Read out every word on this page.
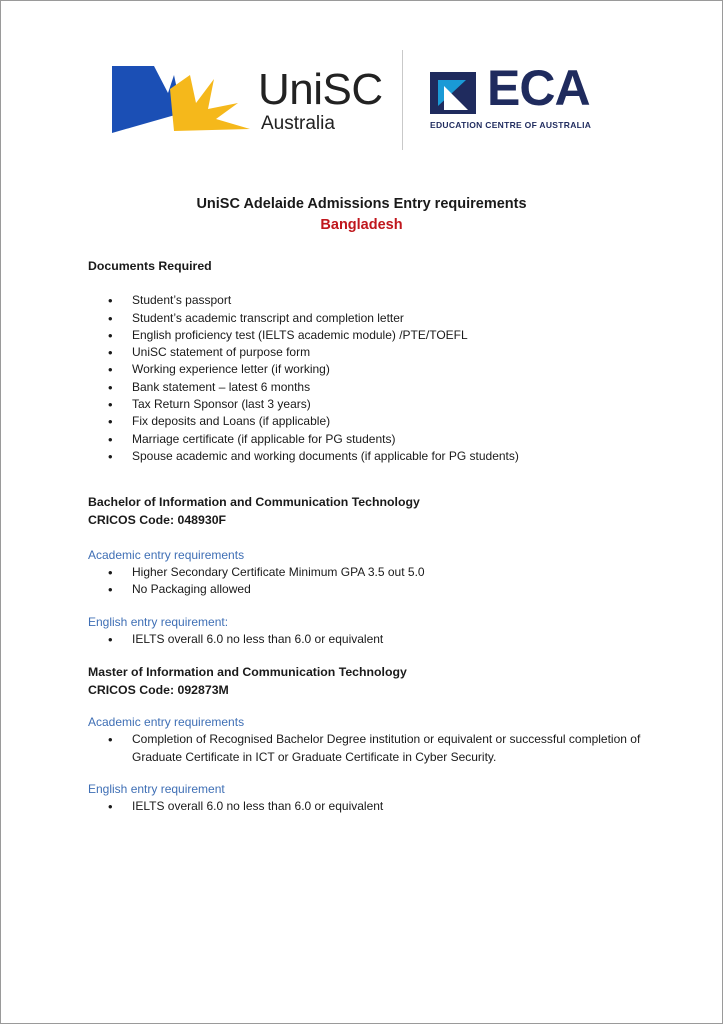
UniSC
Australia
ECA
EDUCATION CENTRE OF AUSTRALIA
UniSC Adelaide Admissions Entry requirements
Bangladesh

Documents Required

• Student’s passport
• Student’s academic transcript and completion letter
• English proficiency test (IELTS academic module) /PTE/TOEFL
• UniSC statement of purpose form
• Working experience letter (if working)
• Bank statement – latest 6 months
• Tax Return Sponsor (last 3 years)
• Fix deposits and Loans (if applicable)
• Marriage certificate (if applicable for PG students)
• Spouse academic and working documents (if applicable for PG students)

Bachelor of Information and Communication Technology

CRICOS Code: 048930F

Academic entry requirements

• Higher Secondary Certificate Minimum GPA 3.5 out 5.0
• No Packaging allowed

English entry requirement:

• IELTS overall 6.0 no less than 6.0 or equivalent

Master of Information and Communication Technology

CRICOS Code: 092873M

Academic entry requirements

• Completion of Recognised Bachelor Degree institution or equivalent or successful completion of Graduate Certificate in ICT or Graduate Certificate in Cyber Security.

English entry requirement

• IELTS overall 6.0 no less than 6.0 or equivalent
